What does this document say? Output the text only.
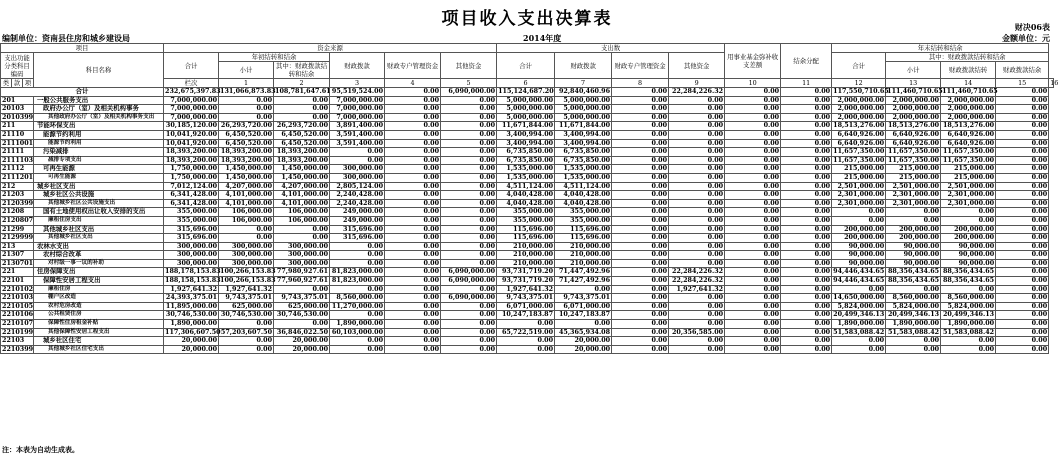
项目收入支出决算表	财决06表
编制单位：资南县住房和城乡建设局	2014年度	金额单位：元
项目				资金来源						支出数				用事业基金弥补收支差额	结余分配	年末结转和结余				
支出功能分类科目编码			科目名称	合计	年初结转和结余		财政拨款	财政专户管理资金	其他资金	合计	财政拨款	财政专户管理资金	其他资金			合计	其中：财政拨款结转和结余			
					小计	其中：财政拨款结转和结余											小计	财政拨款结转	财政拨款结余	
类	款	项		栏次	1	2	3	4	5	6	7	8	9	10	11	12	13	14	15	16
合计				232,675,397.83	131,066,873.83	108,781,647.61	95,519,524.00	0.00	6,090,000.00	115,124,687.20	92,840,460.96	0.00	22,284,226.32	0.00	0.00	117,550,710.65	111,460,710.65	111,460,710.65	0.00	
201			一般公共服务支出	7,000,000.00	0.00	0.00	7,000,000.00	0.00	0.00	5,000,000.00	5,000,000.00	0.00	0.00	0.00	0.00	2,000,000.00	2,000,000.00	2,000,000.00	0.00	
20103			政府办公厅（室）及相关机构事务	7,000,000.00	0.00	0.00	7,000,000.00	0.00	0.00	5,000,000.00	5,000,000.00	0.00	0.00	0.00	0.00	2,000,000.00	2,000,000.00	2,000,000.00	0.00	
2010399			其他政府办公厅（室）及相关机构事务支出	7,000,000.00	0.00	0.00	7,000,000.00	0.00	0.00	5,000,000.00	5,000,000.00	0.00	0.00	0.00	0.00	2,000,000.00	2,000,000.00	2,000,000.00	0.00	
211			节能环保支出	30,185,120.00	26,293,720.00	26,293,720.00	3,891,400.00	0.00	0.00	11,671,844.00	11,671,844.00	0.00	0.00	0.00	0.00	18,513,276.00	18,513,276.00	18,513,276.00	0.00	
21110			能源节约利用	10,041,920.00	6,450,520.00	6,450,520.00	3,591,400.00	0.00	0.00	3,400,994.00	3,400,994.00	0.00	0.00	0.00	0.00	6,640,926.00	6,640,926.00	6,640,926.00	0.00	
2111001			能源节约利用	10,041,920.00	6,450,520.00	6,450,520.00	3,591,400.00	0.00	0.00	3,400,994.00	3,400,994.00	0.00	0.00	0.00	0.00	6,640,926.00	6,640,926.00	6,640,926.00	0.00	
21111			污染减排	18,393,200.00	18,393,200.00	18,393,200.00	0.00	0.00	0.00	6,735,850.00	6,735,850.00	0.00	0.00	0.00	0.00	11,657,350.00	11,657,350.00	11,657,350.00	0.00	
2111103			减排专项支出	18,393,200.00	18,393,200.00	18,393,200.00	0.00	0.00	0.00	6,735,850.00	6,735,850.00	0.00	0.00	0.00	0.00	11,657,350.00	11,657,350.00	11,657,350.00	0.00	
21112			可再生能源	1,750,000.00	1,450,000.00	1,450,000.00	300,000.00	0.00	0.00	1,535,000.00	1,535,000.00	0.00	0.00	0.00	0.00	215,000.00	215,000.00	215,000.00	0.00	
2111201			可再生能源	1,750,000.00	1,450,000.00	1,450,000.00	300,000.00	0.00	0.00	1,535,000.00	1,535,000.00	0.00	0.00	0.00	0.00	215,000.00	215,000.00	215,000.00	0.00	
212			城乡社区支出	7,012,124.00	4,207,000.00	4,207,000.00	2,805,124.00	0.00	0.00	4,511,124.00	4,511,124.00	0.00	0.00	0.00	0.00	2,501,000.00	2,501,000.00	2,501,000.00	0.00	
21203			城乡社区公共设施	6,341,428.00	4,101,000.00	4,101,000.00	2,240,428.00	0.00	0.00	4,040,428.00	4,040,428.00	0.00	0.00	0.00	0.00	2,301,000.00	2,301,000.00	2,301,000.00	0.00	
2120399			其他城乡社区公共设施支出	6,341,428.00	4,101,000.00	4,101,000.00	2,240,428.00	0.00	0.00	4,040,428.00	4,040,428.00	0.00	0.00	0.00	0.00	2,301,000.00	2,301,000.00	2,301,000.00	0.00	
21208			国有土地使用权出让收入安排的支出	355,000.00	106,000.00	106,000.00	249,000.00	0.00	0.00	355,000.00	355,000.00	0.00	0.00	0.00	0.00	0.00	0.00	0.00	0.00	
2120807			廉租住房支出	355,000.00	106,000.00	106,000.00	249,000.00	0.00	0.00	355,000.00	355,000.00	0.00	0.00	0.00	0.00	0.00	0.00	0.00	0.00	
21299			其他城乡社区支出	315,696.00	0.00	0.00	315,696.00	0.00	0.00	115,696.00	115,696.00	0.00	0.00	0.00	0.00	200,000.00	200,000.00	200,000.00	0.00	
2129999			其他城乡社区支出	315,696.00	0.00	0.00	315,696.00	0.00	0.00	115,696.00	115,696.00	0.00	0.00	0.00	0.00	200,000.00	200,000.00	200,000.00	0.00	
213			农林水支出	300,000.00	300,000.00	300,000.00	0.00	0.00	0.00	210,000.00	210,000.00	0.00	0.00	0.00	0.00	90,000.00	90,000.00	90,000.00	0.00	
21307			农村综合改革	300,000.00	300,000.00	300,000.00	0.00	0.00	0.00	210,000.00	210,000.00	0.00	0.00	0.00	0.00	90,000.00	90,000.00	90,000.00	0.00	
2130701			对村级一事一议的补助	300,000.00	300,000.00	300,000.00	0.00	0.00	0.00	210,000.00	210,000.00	0.00	0.00	0.00	0.00	90,000.00	90,000.00	90,000.00	0.00	
221			住房保障支出	188,178,153.83	100,266,153.83	77,980,927.61	81,823,000.00	0.00	6,090,000.00	93,731,719.20	71,447,492.96	0.00	22,284,226.32	0.00	0.00	94,446,434.65	88,356,434.65	88,356,434.65	0.00	
22101			保障性安居工程支出	188,158,153.83	100,266,153.83	77,960,927.61	81,823,000.00	0.00	6,090,000.00	93,731,719.20	71,427,492.96	0.00	22,284,226.32	0.00	0.00	94,446,434.65	88,356,434.65	88,356,434.65	0.00	
2210102			廉租住房	1,927,641.32	1,927,641.32	0.00	0.00	0.00	0.00	1,927,641.32	0.00	0.00	1,927,641.32	0.00	0.00	0.00	0.00	0.00	0.00	
2210103			棚户区改造	24,393,375.01	9,743,375.01	9,743,375.01	8,560,000.00	0.00	6,090,000.00	9,743,375.01	9,743,375.01	0.00	0.00	0.00	0.00	14,650,000.00	8,560,000.00	8,560,000.00	0.00	
2210105			农村危房改造	11,895,000.00	625,000.00	625,000.00	11,270,000.00	0.00	0.00	6,071,000.00	6,071,000.00	0.00	0.00	0.00	0.00	5,824,000.00	5,824,000.00	5,824,000.00	0.00	
2210106			公共租赁住房	30,746,530.00	30,746,530.00	30,746,530.00	0.00	0.00	0.00	10,247,183.87	10,247,183.87	0.00	0.00	0.00	0.00	20,499,346.13	20,499,346.13	20,499,346.13	0.00	
2210107			保障性住房租金补贴	1,890,000.00	0.00	0.00	1,890,000.00	0.00	0.00	0.00	0.00	0.00	0.00	0.00	0.00	1,890,000.00	1,890,000.00	1,890,000.00	0.00	
2210199			其他保障性安居工程支出	117,306,607.50	57,203,607.50	36,846,022.50	60,103,000.00	0.00	0.00	65,722,519.00	45,365,934.08	0.00	20,356,585.00	0.00	0.00	51,583,088.42	51,583,088.42	51,583,088.42	0.00	
22103			城乡社区住宅	20,000.00	0.00	20,000.00	0.00	0.00	0.00	0.00	20,000.00	0.00	0.00	0.00	0.00	0.00	0.00	0.00	0.00	
2210399			其他城乡社区住宅支出	20,000.00	0.00	20,000.00	0.00	0.00	0.00	0.00	20,000.00	0.00	0.00	0.00	0.00	0.00	0.00	0.00	0.00	
注：本表为自动生成表。
